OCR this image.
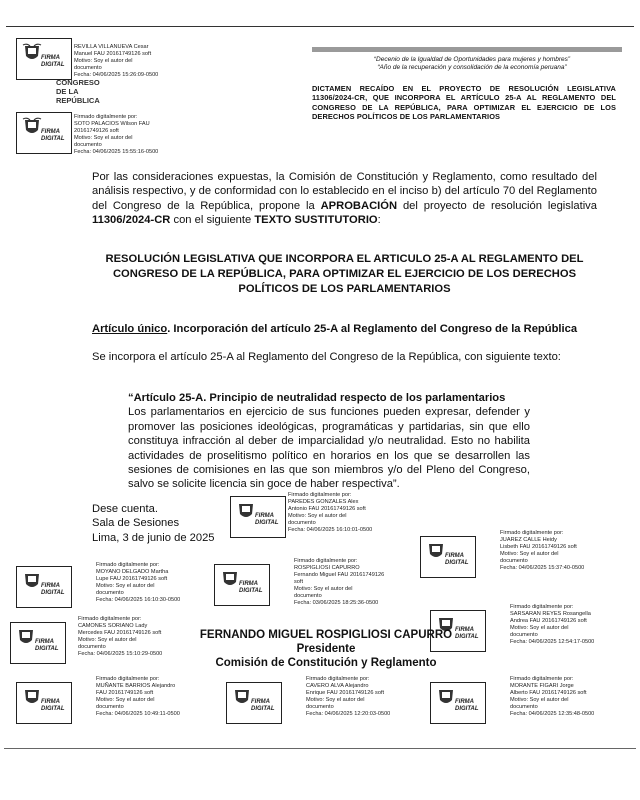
FIRMA DIGITAL
REVILLA VILLANUEVA Cesar
Manuel FAU 20161749126 soft
Motivo: Soy el autor del
documento
Fecha: 04/06/2025 15:26:09-0500
CONGRESO DE LA
REPÚBLICA
FIRMA DIGITAL
Firmado digitalmente por:
SOTO PALACIOS Wilson FAU
20161749126 soft
Motivo: Soy el autor del
documento
Fecha: 04/06/2025 15:55:16-0500
“Decenio de la Igualdad de Oportunidades para mujeres y hombres”
“Año de la recuperación y consolidación de la economía peruana”
DICTAMEN RECAÍDO EN EL PROYECTO DE RESOLUCIÓN LEGISLATIVA 11306/2024-CR, QUE INCORPORA EL ARTÍCULO 25-A AL REGLAMENTO DEL CONGRESO DE LA REPÚBLICA, PARA OPTIMIZAR EL EJERCICIO DE LOS DERECHOS POLÍTICOS DE LOS PARLAMENTARIOS
Por las consideraciones expuestas, la Comisión de Constitución y Reglamento, como resultado del análisis respectivo, y de conformidad con lo establecido en el inciso b) del artículo 70 del Reglamento del Congreso de la República, propone la APROBACIÓN del proyecto de resolución legislativa 11306/2024-CR con el siguiente TEXTO SUSTITUTORIO:
RESOLUCIÓN LEGISLATIVA QUE INCORPORA EL ARTICULO 25-A AL REGLAMENTO DEL CONGRESO DE LA REPÚBLICA, PARA OPTIMIZAR EL EJERCICIO DE LOS DERECHOS POLÍTICOS DE LOS PARLAMENTARIOS
Artículo único. Incorporación del artículo 25-A al Reglamento del Congreso de la República
Se incorpora el artículo 25-A al Reglamento del Congreso de la República, con siguiente texto:
“Artículo 25-A. Principio de neutralidad respecto de los parlamentarios
Los parlamentarios en ejercicio de sus funciones pueden expresar, defender y promover las posiciones ideológicas, programáticas y partidarias, sin que ello constituya infracción al deber de imparcialidad y/o neutralidad. Esto no habilita actividades de proselitismo político en horarios en los que se desarrollen las sesiones de comisiones en las que son miembros y/o del Pleno del Congreso, salvo se solicite licencia sin goce de haber respectiva”.
Dese cuenta.
Sala de Sesiones
Lima, 3 de junio de 2025
FIRMA DIGITAL
Firmado digitalmente por:
PAREDES GONZALES Alex
Antonio FAU 20161749126 soft
Motivo: Soy el autor del
documento
Fecha: 04/06/2025 16:10:01-0500
FIRMA DIGITAL
Firmado digitalmente por:
JUAREZ CALLE Heidy
Lisbeth FAU 20161749126 soft
Motivo: Soy el autor del
documento
Fecha: 04/06/2025 15:37:40-0500
FIRMA DIGITAL
Firmado digitalmente por:
MOYANO DELGADO Martha
Lupe FAU 20161749126 soft
Motivo: Soy el autor del
documento
Fecha: 04/06/2025 16:10:30-0500
FIRMA DIGITAL
Firmado digitalmente por:
ROSPIGLIOSI CAPURRO
Fernando Miguel FAU 20161749126
soft
Motivo: Soy el autor del
documento
Fecha: 03/06/2025 18:25:36-0500
FIRMA DIGITAL
Firmado digitalmente por:
SARSARAN REYES Rosangella
Andrea FAU 20161749126 soft
Motivo: Soy el autor del
documento
Fecha: 04/06/2025 12:54:17-0500
FIRMA DIGITAL
Firmado digitalmente por:
CAMONES SORIANO Lady
Mercedes FAU 20161749126 soft
Motivo: Soy el autor del
documento
Fecha: 04/06/2025 15:10:29-0500
FIRMA DIGITAL
Firmado digitalmente por:
MUÑANTE BARRIOS Alejandro
FAU 20161749126 soft
Motivo: Soy el autor del
documento
Fecha: 04/06/2025 10:49:11-0500
FIRMA DIGITAL
Firmado digitalmente por:
CAVERO ALVA Alejandro
Enrique FAU 20161749126 soft
Motivo: Soy el autor del
documento
Fecha: 04/06/2025 12:20:03-0500
FIRMA DIGITAL
Firmado digitalmente por:
MORANTE FIGARI Jorge
Alberto FAU 20161749126 soft
Motivo: Soy el autor del
documento
Fecha: 04/06/2025 12:35:48-0500
FERNANDO MIGUEL ROSPIGLIOSI CAPURRO
Presidente
Comisión de Constitución y Reglamento
